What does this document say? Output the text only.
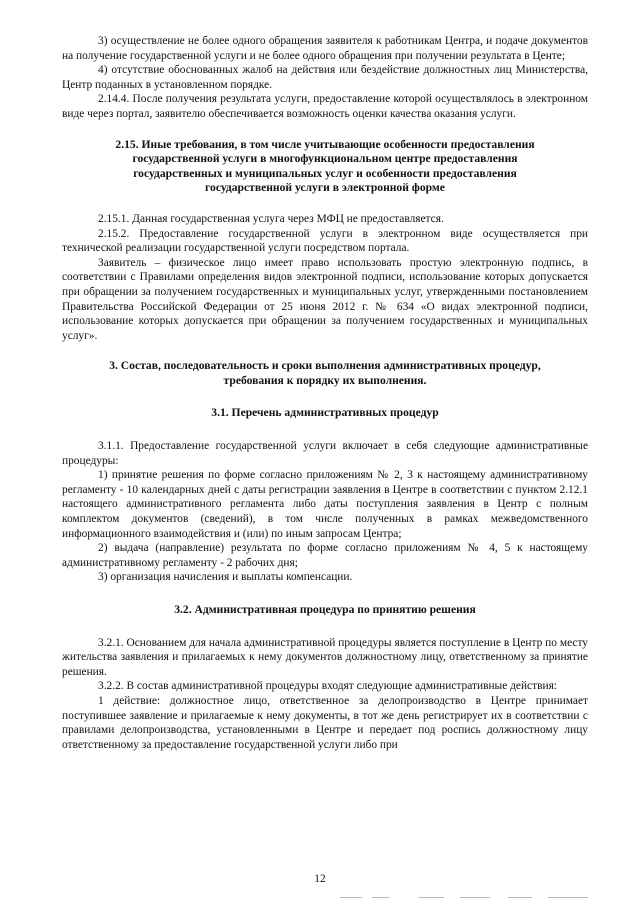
3) осуществление не более одного обращения заявителя к работникам Центра, и подаче документов на получение государственной услуги и не более одного обращения при получении результата в Центе;

4) отсутствие обоснованных жалоб на действия или бездействие должностных лиц Министерства, Центр поданных в установленном порядке.

2.14.4. После получения результата услуги, предоставление которой осуществлялось в электронном виде через портал, заявителю обеспечивается возможность оценки качества оказания услуги.

2.15. Иные требования, в том числе учитывающие особенности предоставления государственной услуги в многофункциональном центре предоставления государственных и муниципальных услуг и особенности предоставления государственной услуги в электронной форме

2.15.1. Данная государственная услуга через МФЦ не предоставляется.

2.15.2. Предоставление государственной услуги в электронном виде осуществляется при технической реализации государственной услуги посредством портала.

Заявитель – физическое лицо имеет право использовать простую электронную подпись, в соответствии с Правилами определения видов электронной подписи, использование которых допускается при обращении за получением государственных и муниципальных услуг, утвержденными постановлением Правительства Российской Федерации от 25 июня 2012 г. № 634 «О видах электронной подписи, использование которых допускается при обращении за получением государственных и муниципальных услуг».

3. Состав, последовательность и сроки выполнения административных процедур, требования к порядку их выполнения.
3.1. Перечень административных процедур

3.1.1. Предоставление государственной услуги включает в себя следующие административные процедуры:

1) принятие решения по форме согласно приложениям № 2, 3 к настоящему административному регламенту - 10 календарных дней с даты регистрации заявления в Центре в соответствии с пунктом 2.12.1 настоящего административного регламента либо даты поступления заявления в Центр с полным комплектом документов (сведений), в том числе полученных в рамках межведомственного информационного взаимодействия и (или) по иным запросам Центра;

2) выдача (направление) результата по форме согласно приложениям № 4, 5 к настоящему административному регламенту - 2 рабочих дня;

3) организация начисления и выплаты компенсации.

3.2. Административная процедура по принятию решения

3.2.1. Основанием для начала административной процедуры является поступление в Центр по месту жительства заявления и прилагаемых к нему документов должностному лицу, ответственному за принятие решения.

3.2.2. В состав административной процедуры входят следующие административные действия:

1 действие: должностное лицо, ответственное за делопроизводство в Центре принимает поступившее заявление и прилагаемые к нему документы, в тот же день регистрирует их в соответствии с правилами делопроизводства, установленными в Центре и передает под роспись должностному лицу ответственному за предоставление государственной услуги либо при

12
